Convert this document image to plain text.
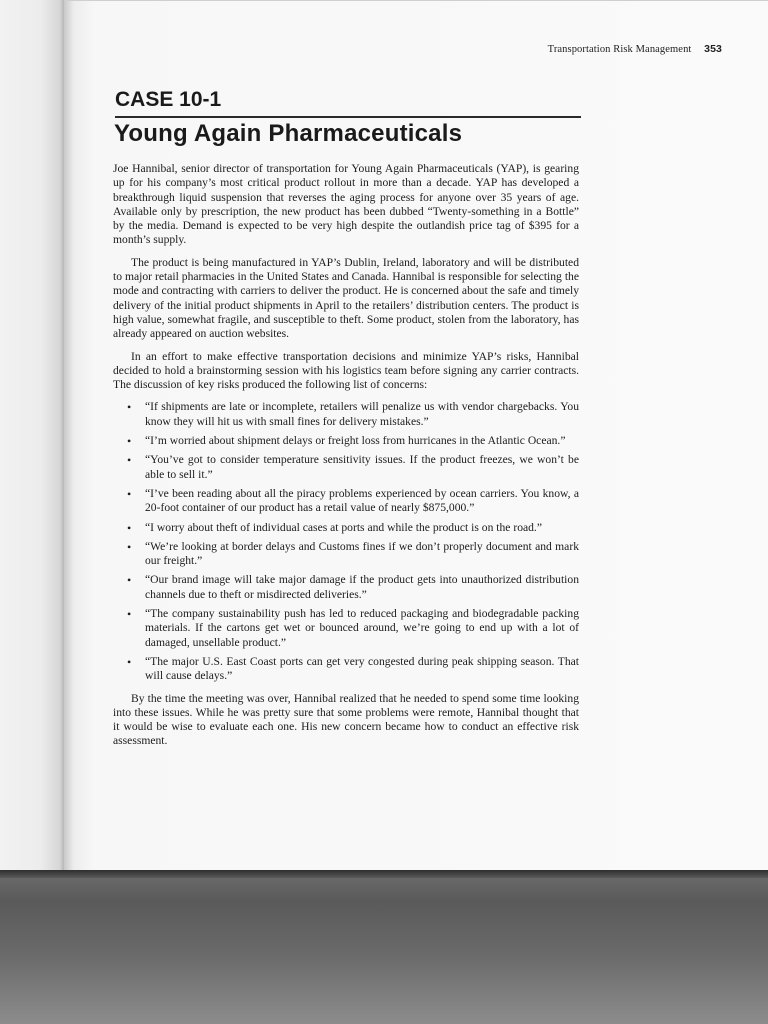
Transportation Risk Management 353
CASE 10-1
Young Again Pharmaceuticals

Joe Hannibal, senior director of transportation for Young Again Pharmaceuticals (YAP), is gearing up for his company’s most critical product rollout in more than a decade. YAP has developed a breakthrough liquid suspension that reverses the aging process for anyone over 35 years of age. Available only by prescription, the new product has been dubbed “Twenty-something in a Bottle” by the media. Demand is expected to be very high despite the outlandish price tag of $395 for a month’s supply.

The product is being manufactured in YAP’s Dublin, Ireland, laboratory and will be distributed to major retail pharmacies in the United States and Canada. Hannibal is responsible for selecting the mode and contracting with carriers to deliver the product. He is concerned about the safe and timely delivery of the initial product shipments in April to the retailers’ distribution centers. The product is high value, somewhat fragile, and susceptible to theft. Some product, stolen from the laboratory, has already appeared on auction websites.

In an effort to make effective transportation decisions and minimize YAP’s risks, Hannibal decided to hold a brainstorming session with his logistics team before signing any carrier contracts. The discussion of key risks produced the following list of concerns:

• “If shipments are late or incomplete, retailers will penalize us with vendor chargebacks. You know they will hit us with small fines for delivery mistakes.”
• “I’m worried about shipment delays or freight loss from hurricanes in the Atlantic Ocean.”
• “You’ve got to consider temperature sensitivity issues. If the product freezes, we won’t be able to sell it.”
• “I’ve been reading about all the piracy problems experienced by ocean carriers. You know, a 20-foot container of our product has a retail value of nearly $875,000.”
• “I worry about theft of individual cases at ports and while the product is on the road.”
• “We’re looking at border delays and Customs fines if we don’t properly document and mark our freight.”
• “Our brand image will take major damage if the product gets into unauthorized distribution channels due to theft or misdirected deliveries.”
• “The company sustainability push has led to reduced packaging and biodegradable packing materials. If the cartons get wet or bounced around, we’re going to end up with a lot of damaged, unsellable product.”
• “The major U.S. East Coast ports can get very congested during peak shipping season. That will cause delays.”

By the time the meeting was over, Hannibal realized that he needed to spend some time looking into these issues. While he was pretty sure that some problems were remote, Hannibal thought that it would be wise to evaluate each one. His new concern became how to conduct an effective risk assessment.
